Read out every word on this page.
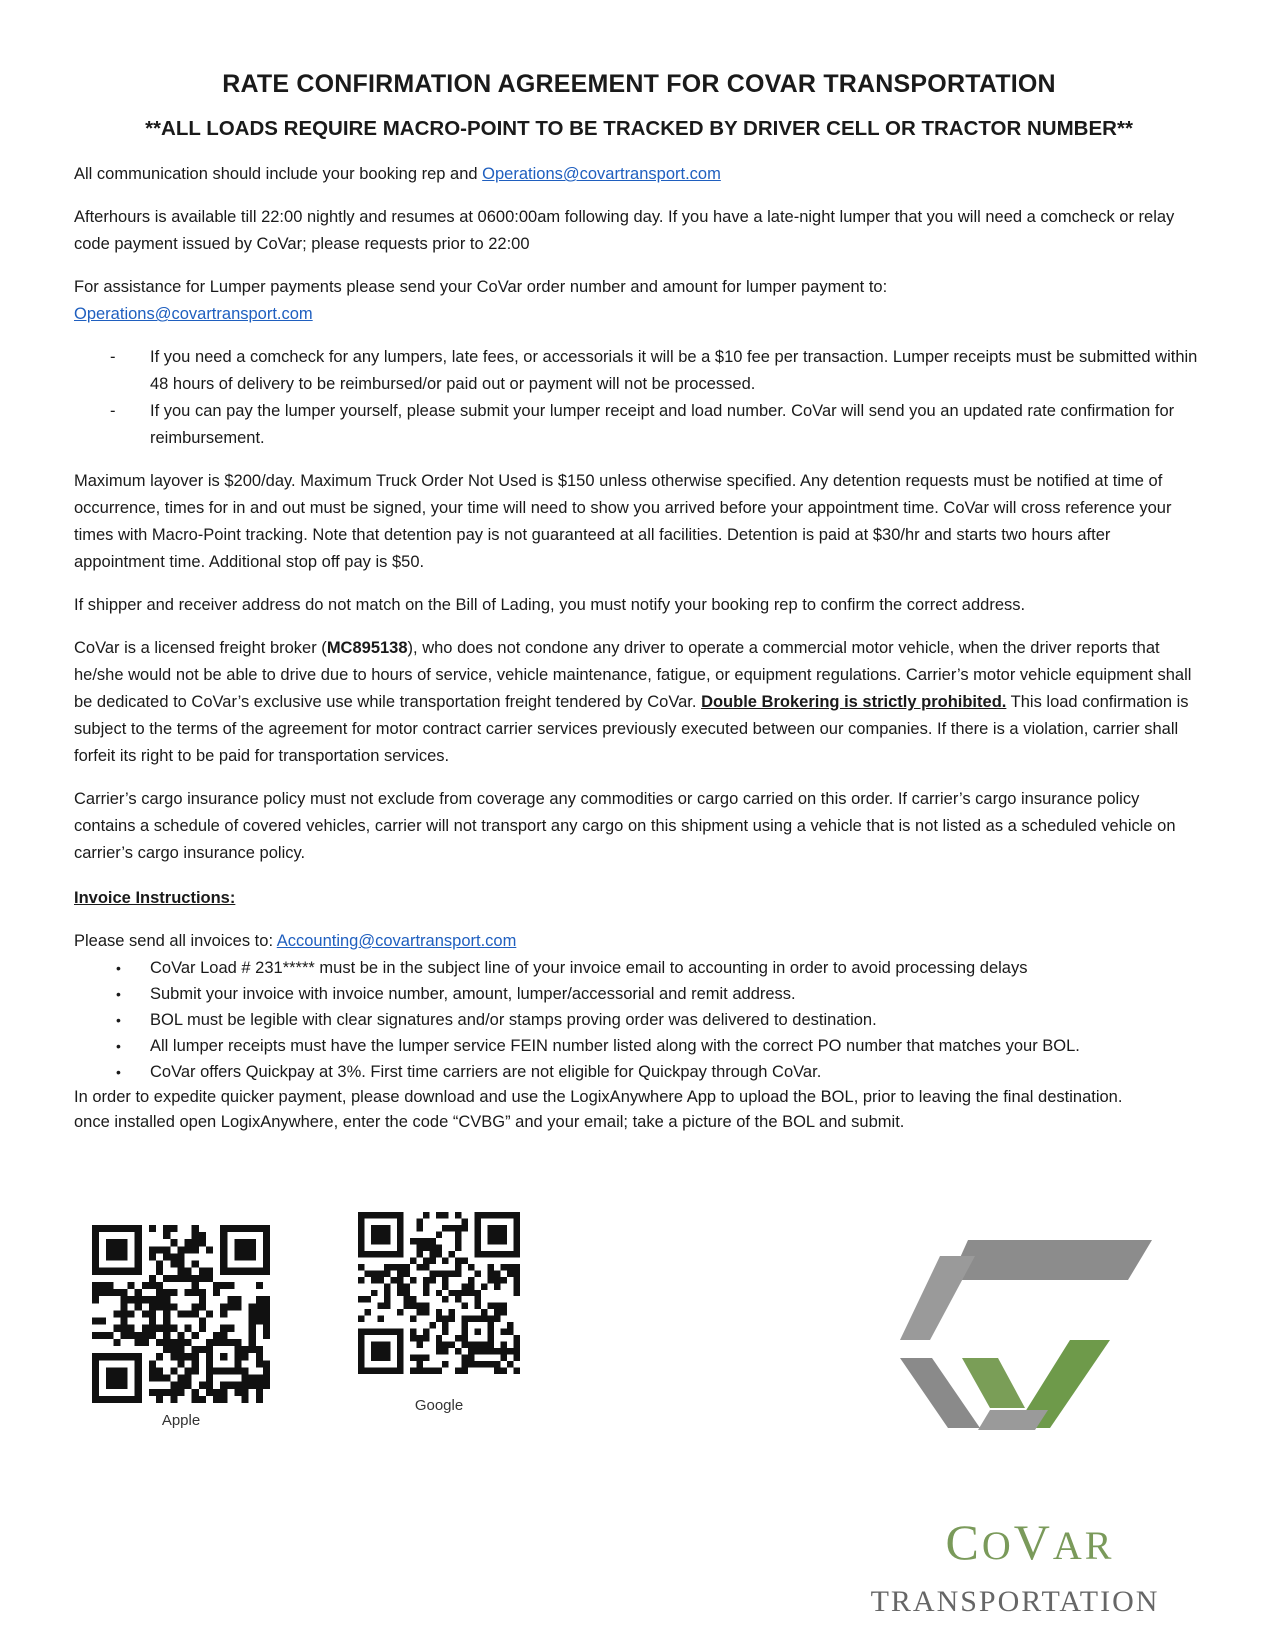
RATE CONFIRMATION AGREEMENT FOR COVAR TRANSPORTATION
**ALL LOADS REQUIRE MACRO-POINT TO BE TRACKED BY DRIVER CELL OR TRACTOR NUMBER**

All communication should include your booking rep and Operations@covartransport.com

Afterhours is available till 22:00 nightly and resumes at 0600:00am following day. If you have a late-night lumper that you will need a comcheck or relay code payment issued by CoVar; please requests prior to 22:00

For assistance for Lumper payments please send your CoVar order number and amount for lumper payment to:
Operations@covartransport.com

- If you need a comcheck for any lumpers, late fees, or accessorials it will be a $10 fee per transaction. Lumper receipts must be submitted within 48 hours of delivery to be reimbursed/or paid out or payment will not be processed.
- If you can pay the lumper yourself, please submit your lumper receipt and load number. CoVar will send you an updated rate confirmation for reimbursement.

Maximum layover is $200/day. Maximum Truck Order Not Used is $150 unless otherwise specified. Any detention requests must be notified at time of occurrence, times for in and out must be signed, your time will need to show you arrived before your appointment time. CoVar will cross reference your times with Macro-Point tracking. Note that detention pay is not guaranteed at all facilities. Detention is paid at $30/hr and starts two hours after appointment time. Additional stop off pay is $50.

If shipper and receiver address do not match on the Bill of Lading, you must notify your booking rep to confirm the correct address.

CoVar is a licensed freight broker (MC895138), who does not condone any driver to operate a commercial motor vehicle, when the driver reports that he/she would not be able to drive due to hours of service, vehicle maintenance, fatigue, or equipment regulations. Carrier’s motor vehicle equipment shall be dedicated to CoVar’s exclusive use while transportation freight tendered by CoVar. Double Brokering is strictly prohibited. This load confirmation is subject to the terms of the agreement for motor contract carrier services previously executed between our companies. If there is a violation, carrier shall forfeit its right to be paid for transportation services.

Carrier’s cargo insurance policy must not exclude from coverage any commodities or cargo carried on this order. If carrier’s cargo insurance policy contains a schedule of covered vehicles, carrier will not transport any cargo on this shipment using a vehicle that is not listed as a scheduled vehicle on carrier’s cargo insurance policy.

Invoice Instructions:

Please send all invoices to: Accounting@covartransport.com

• CoVar Load # 231***** must be in the subject line of your invoice email to accounting in order to avoid processing delays
• Submit your invoice with invoice number, amount, lumper/accessorial and remit address.
• BOL must be legible with clear signatures and/or stamps proving order was delivered to destination.
• All lumper receipts must have the lumper service FEIN number listed along with the correct PO number that matches your BOL.
• CoVar offers Quickpay at 3%. First time carriers are not eligible for Quickpay through CoVar.

In order to expedite quicker payment, please download and use the LogixAnywhere App to upload the BOL, prior to leaving the final destination.

once installed open LogixAnywhere, enter the code “CVBG” and your email; take a picture of the BOL and submit.

Apple
Google
COVAR
TRANSPORTATION
